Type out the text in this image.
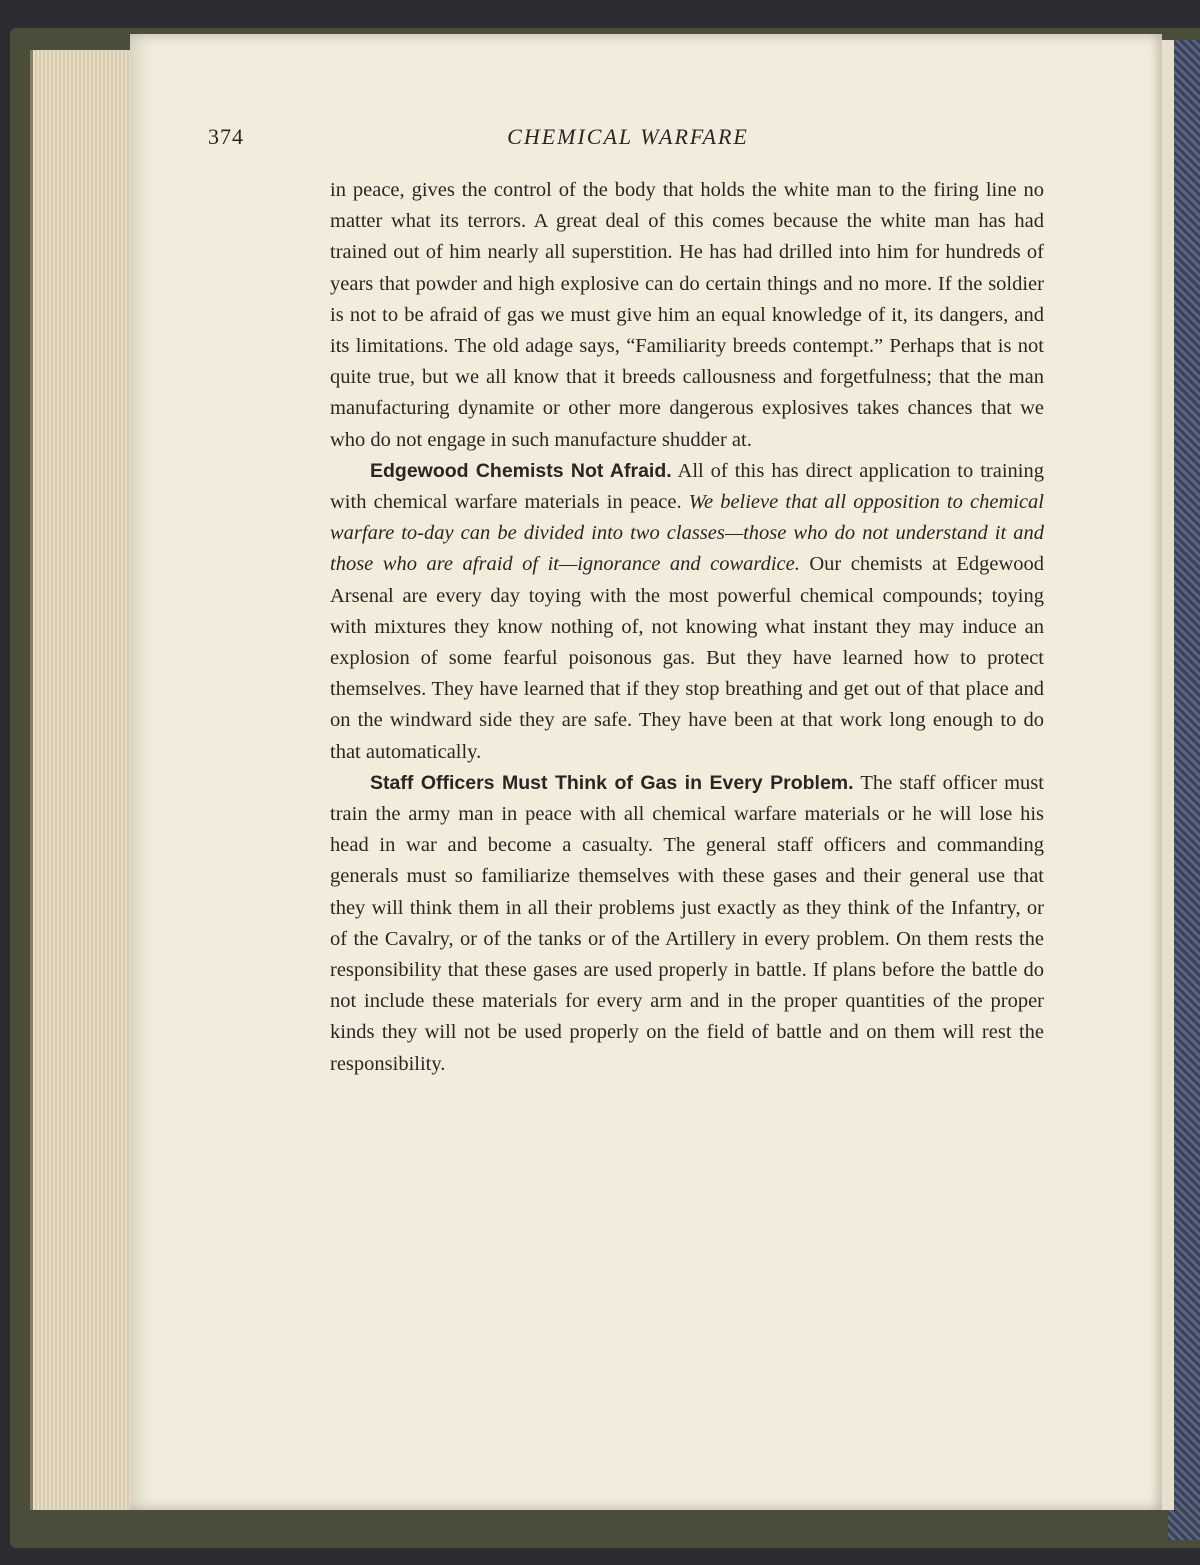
374	CHEMICAL WARFARE

in peace, gives the control of the body that holds the white man to the firing line no matter what its terrors. A great deal of this comes because the white man has had trained out of him nearly all superstition. He has had drilled into him for hundreds of years that powder and high explosive can do certain things and no more. If the soldier is not to be afraid of gas we must give him an equal knowledge of it, its dangers, and its limitations. The old adage says, “Familiarity breeds contempt.” Perhaps that is not quite true, but we all know that it breeds callousness and forgetfulness; that the man manufacturing dynamite or other more dangerous explosives takes chances that we who do not engage in such manufacture shudder at.

Edgewood Chemists Not Afraid. All of this has direct application to training with chemical warfare materials in peace. We believe that all opposition to chemical warfare to-day can be divided into two classes—those who do not understand it and those who are afraid of it—ignorance and cowardice. Our chemists at Edgewood Arsenal are every day toying with the most powerful chemical compounds; toying with mixtures they know nothing of, not knowing what instant they may induce an explosion of some fearful poisonous gas. But they have learned how to protect themselves. They have learned that if they stop breathing and get out of that place and on the windward side they are safe. They have been at that work long enough to do that automatically.

Staff Officers Must Think of Gas in Every Problem. The staff officer must train the army man in peace with all chemical warfare materials or he will lose his head in war and become a casualty. The general staff officers and commanding generals must so familiarize themselves with these gases and their general use that they will think them in all their problems just exactly as they think of the Infantry, or of the Cavalry, or of the tanks or of the Artillery in every problem. On them rests the responsibility that these gases are used properly in battle. If plans before the battle do not include these materials for every arm and in the proper quantities of the proper kinds they will not be used properly on the field of battle and on them will rest the responsibility.
